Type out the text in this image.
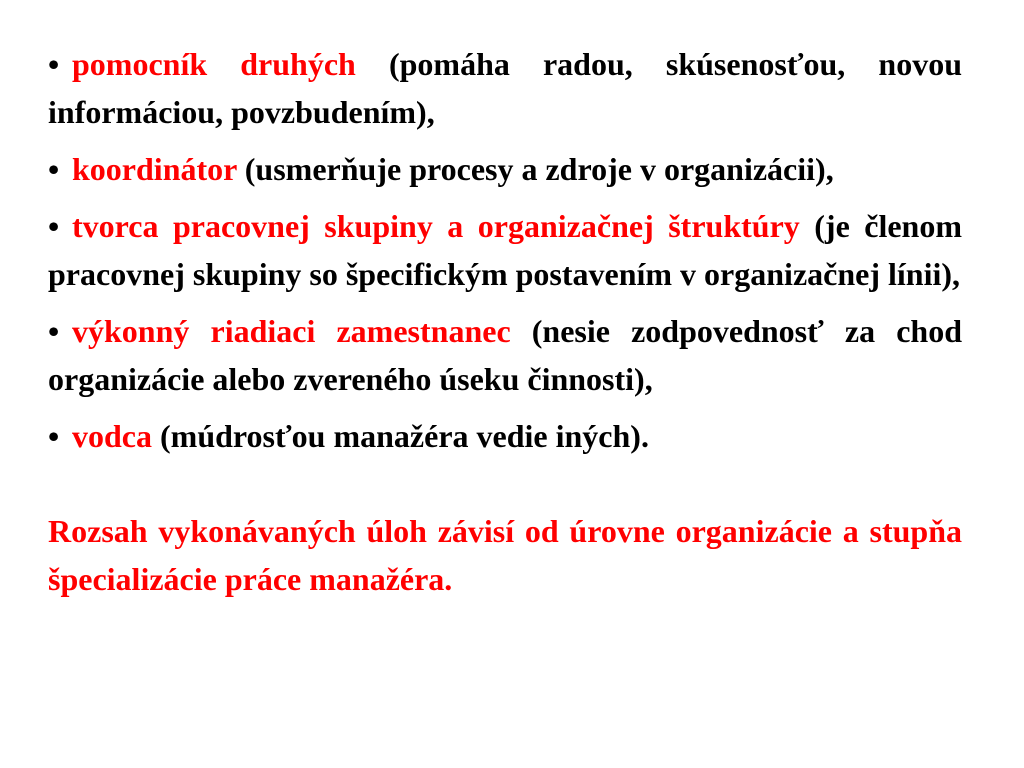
• pomocník druhých (pomáha radou, skúsenosťou, novou informáciou, povzbudením),
• koordinátor (usmerňuje procesy a zdroje v organizácii),
• tvorca pracovnej skupiny a organizačnej štruktúry (je členom pracovnej skupiny so špecifickým postavením v organizačnej línii),
• výkonný riadiaci zamestnanec (nesie zodpovednosť za chod organizácie alebo zvereného úseku činnosti),
• vodca (múdrosťou manažéra vedie iných).

Rozsah vykonávaných úloh závisí od úrovne organizácie a stupňa špecializácie práce manažéra.
